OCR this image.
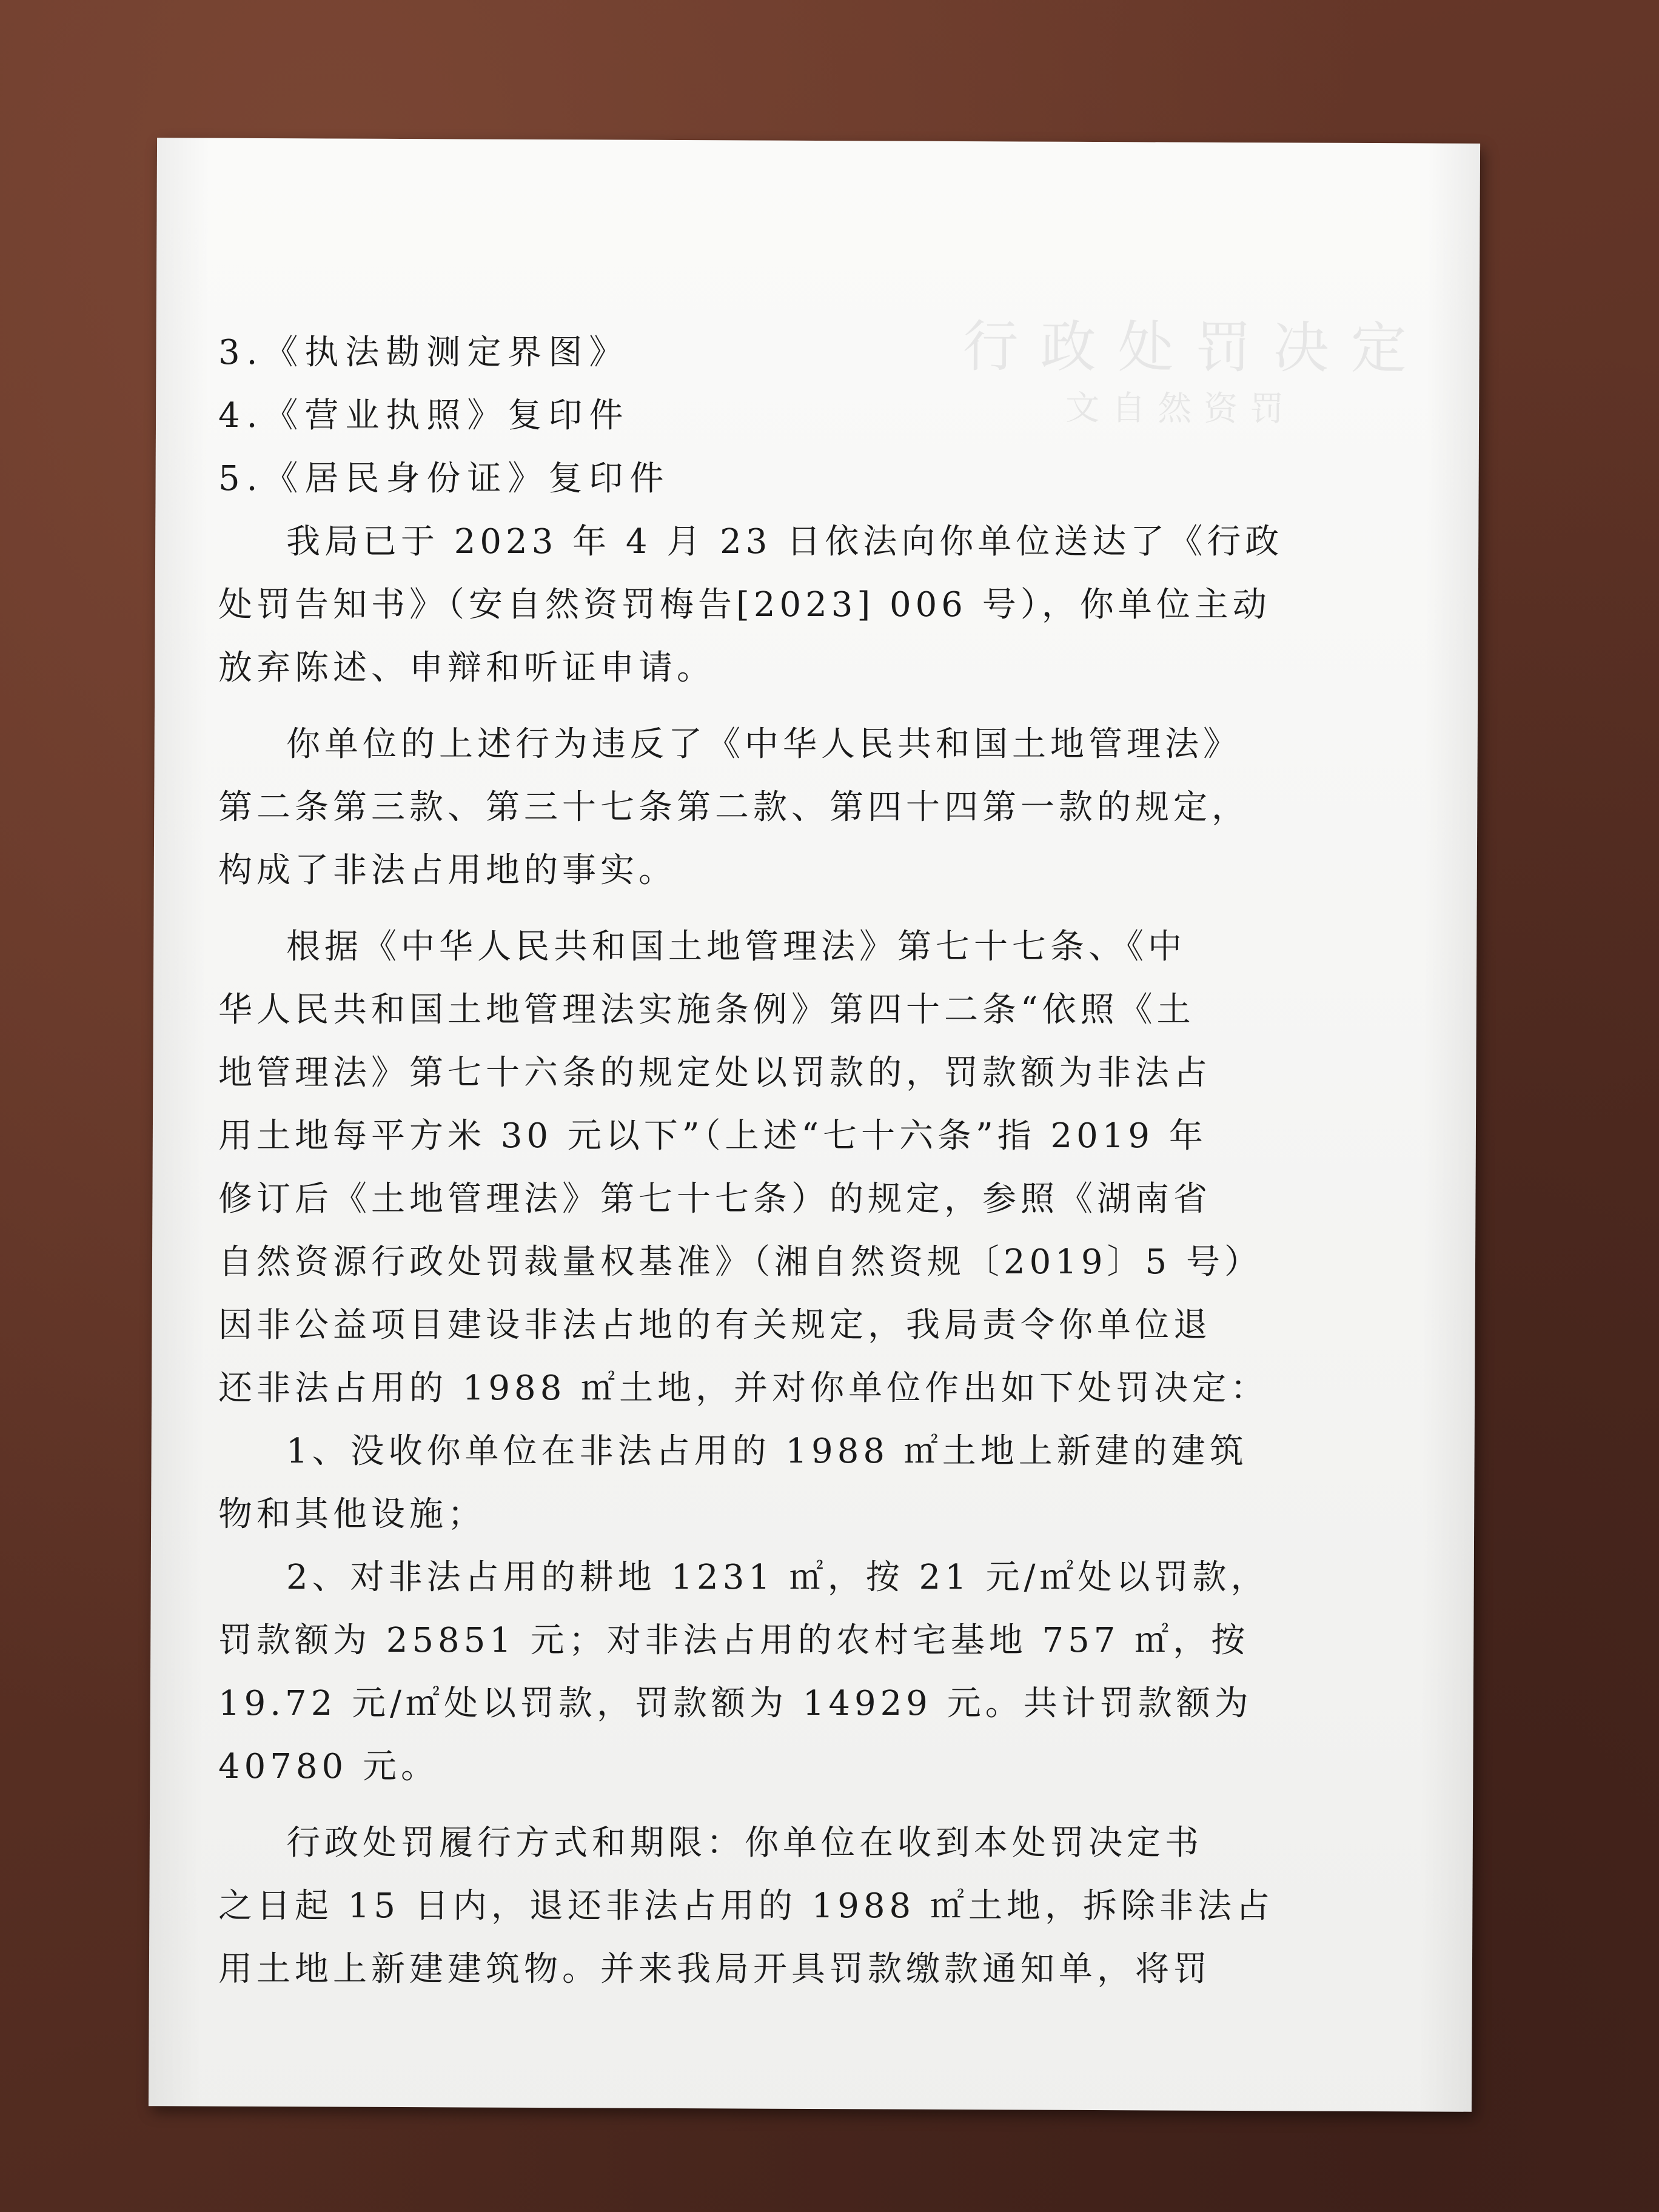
行政处罚决定
文自然资罚
3.《执法勘测定界图》
4.《营业执照》复印件
5.《居民身份证》复印件
我局已于 2023 年 4 月 23 日依法向你单位送达了《行政
处罚告知书》（安自然资罚梅告[2023] 006 号），你单位主动
放弃陈述、申辩和听证申请。
你单位的上述行为违反了《中华人民共和国土地管理法》
第二条第三款、第三十七条第二款、第四十四第一款的规定，
构成了非法占用地的事实。
根据《中华人民共和国土地管理法》第七十七条、《中
华人民共和国土地管理法实施条例》第四十二条“依照《土
地管理法》第七十六条的规定处以罚款的，罚款额为非法占
用土地每平方米 30 元以下”（上述“七十六条”指 2019 年
修订后《土地管理法》第七十七条）的规定，参照《湖南省
自然资源行政处罚裁量权基准》（湘自然资规〔2019〕5 号）
因非公益项目建设非法占地的有关规定，我局责令你单位退
还非法占用的 1988 ㎡土地，并对你单位作出如下处罚决定：
1、没收你单位在非法占用的 1988 ㎡土地上新建的建筑
物和其他设施；
2、对非法占用的耕地 1231 ㎡，按 21 元/㎡处以罚款，
罚款额为 25851 元；对非法占用的农村宅基地 757 ㎡，按
19.72 元/㎡处以罚款，罚款额为 14929 元。共计罚款额为
40780 元。
行政处罚履行方式和期限：你单位在收到本处罚决定书
之日起 15 日内，退还非法占用的 1988 ㎡土地，拆除非法占
用土地上新建建筑物。并来我局开具罚款缴款通知单，将罚
